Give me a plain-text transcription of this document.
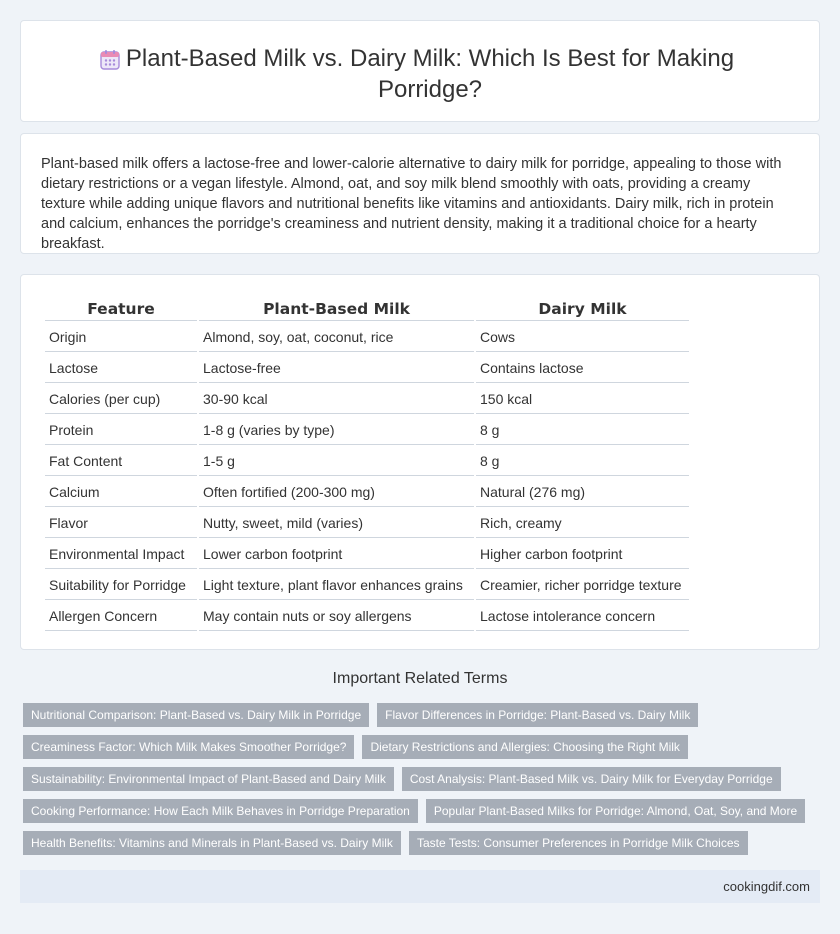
Plant-Based Milk vs. Dairy Milk: Which Is Best for Making Porridge?

Plant-based milk offers a lactose-free and lower-calorie alternative to dairy milk for porridge, appealing to those with dietary restrictions or a vegan lifestyle. Almond, oat, and soy milk blend smoothly with oats, providing a creamy texture while adding unique flavors and nutritional benefits like vitamins and antioxidants. Dairy milk, rich in protein and calcium, enhances the porridge's creaminess and nutrient density, making it a traditional choice for a hearty breakfast.

Feature	Plant-Based Milk	Dairy Milk
Origin	Almond, soy, oat, coconut, rice	Cows
Lactose	Lactose-free	Contains lactose
Calories (per cup)	30-90 kcal	150 kcal
Protein	1-8 g (varies by type)	8 g
Fat Content	1-5 g	8 g
Calcium	Often fortified (200-300 mg)	Natural (276 mg)
Flavor	Nutty, sweet, mild (varies)	Rich, creamy
Environmental Impact	Lower carbon footprint	Higher carbon footprint
Suitability for Porridge	Light texture, plant flavor enhances grains	Creamier, richer porridge texture
Allergen Concern	May contain nuts or soy allergens	Lactose intolerance concern
Important Related Terms
Nutritional Comparison: Plant-Based vs. Dairy Milk in Porridge	Flavor Differences in Porridge: Plant-Based vs. Dairy Milk
Creaminess Factor: Which Milk Makes Smoother Porridge?	Dietary Restrictions and Allergies: Choosing the Right Milk
Sustainability: Environmental Impact of Plant-Based and Dairy Milk	Cost Analysis: Plant-Based Milk vs. Dairy Milk for Everyday Porridge
Cooking Performance: How Each Milk Behaves in Porridge Preparation	Popular Plant-Based Milks for Porridge: Almond, Oat, Soy, and More
Health Benefits: Vitamins and Minerals in Plant-Based vs. Dairy Milk	Taste Tests: Consumer Preferences in Porridge Milk Choices
cookingdif.com
